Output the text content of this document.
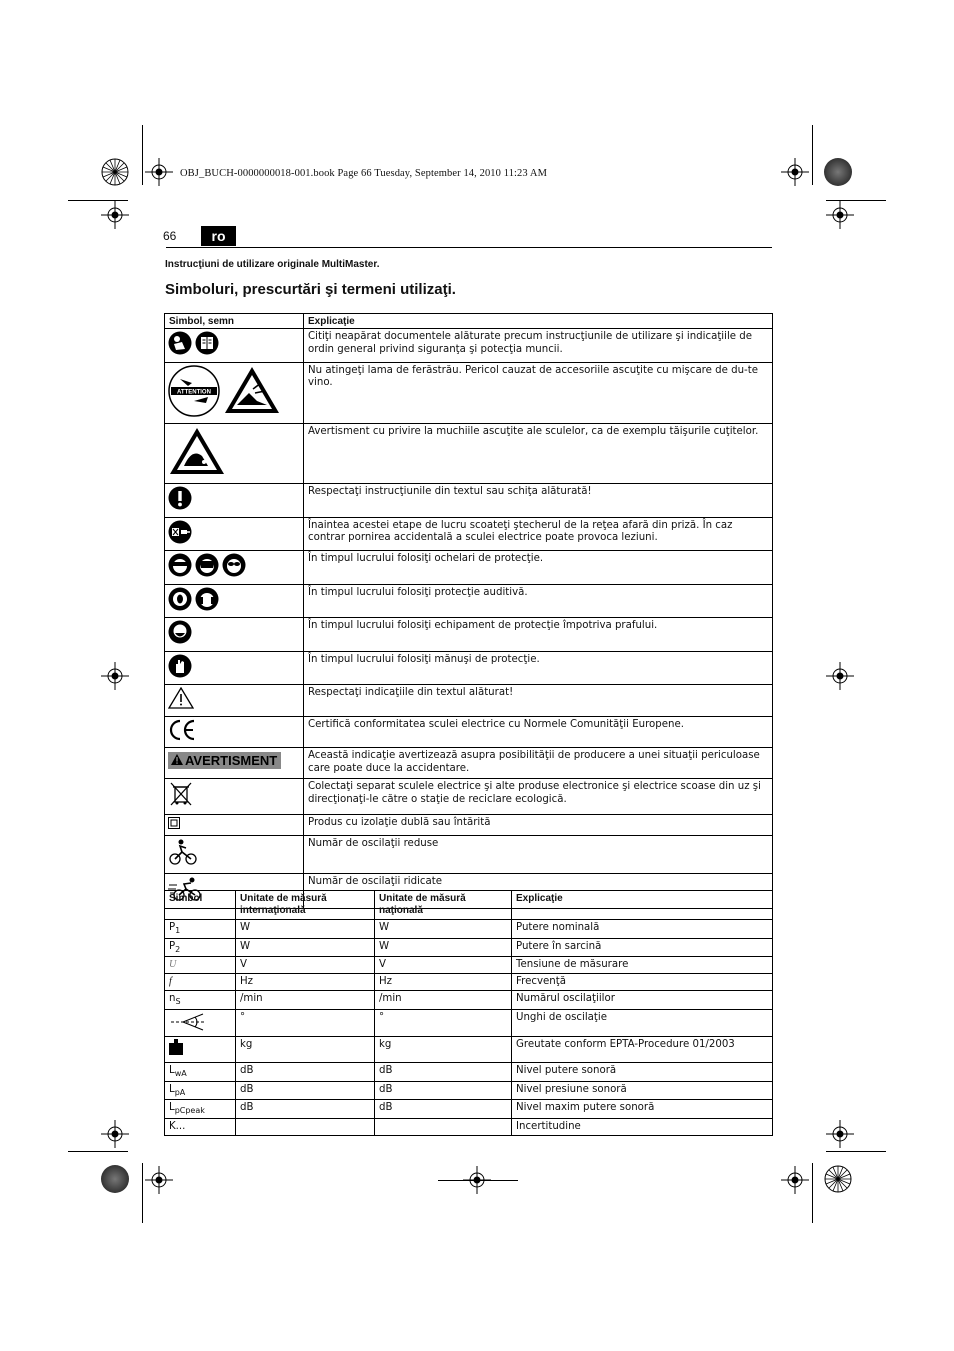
OBJ_BUCH-0000000018-001.book Page 66 Tuesday, September 14, 2010 11:23 AM
66	ro
Instrucţiuni de utilizare originale MultiMaster.
Simboluri, prescurtări şi termeni utilizaţi.
Simbol, semn	Explicaţie
	Citiţi neapărat documentele alăturate precum instrucţiunile de utilizare şi indicaţiile de ordin general privind siguranţa şi potecţia muncii.

ATTENTION	Nu atingeţi lama de ferăstrău. Pericol cauzat de accesoriile ascuţite cu mişcare de du-te vino.
	Avertisment cu privire la muchiile ascuţite ale sculelor, ca de exemplu tăişurile cuţitelor.
	Respectaţi instrucţiunile din textul sau schiţa alăturată!
	Înaintea acestei etape de lucru scoateţi ştecherul de la reţea afară din priză. În caz contrar pornirea accidentală a sculei electrice poate provoca leziuni.
	În timpul lucrului folosiţi ochelari de protecţie.
	În timpul lucrului folosiţi protecţie auditivă.
	În timpul lucrului folosiţi echipament de protecţie împotriva prafului.
	În timpul lucrului folosiţi mănuşi de protecţie.
	Respectaţi indicaţiile din textul alăturat!
	Certifică conformitatea sculei electrice cu Normele Comunităţii Europene.
AVERTISMENT	Această indicaţie avertizează asupra posibilităţii de producere a unei situaţii periculoase care poate duce la accidentare.
	Colectaţi separat sculele electrice şi alte produse electronice şi electrice scoase din uz şi direcţionaţi-le către o staţie de reciclare ecologică.
	Produs cu izolaţie dublă sau întărită
	Număr de oscilaţii reduse
	Număr de oscilaţii ridicate
Simbol	Unitate de măsură internaţională	Unitate de măsură naţională	Explicaţie
$P_1$	W	W	Putere nominală
$P_2$	W	W	Putere în sarcină
U	V	V	Tensiune de măsurare
f	Hz	Hz	Frecvenţă
$n_S$	/min	/min	Numărul oscilaţiilor
	°	°	Unghi de oscilaţie
	kg	kg	Greutate conform EPTA-Procedure 01/2003
$L_{wA}$	dB	dB	Nivel putere sonoră
$L_{pA}$	dB	dB	Nivel presiune sonoră
$L_{pCpeak}$	dB	dB	Nivel maxim putere sonoră
K...			Incertitudine
